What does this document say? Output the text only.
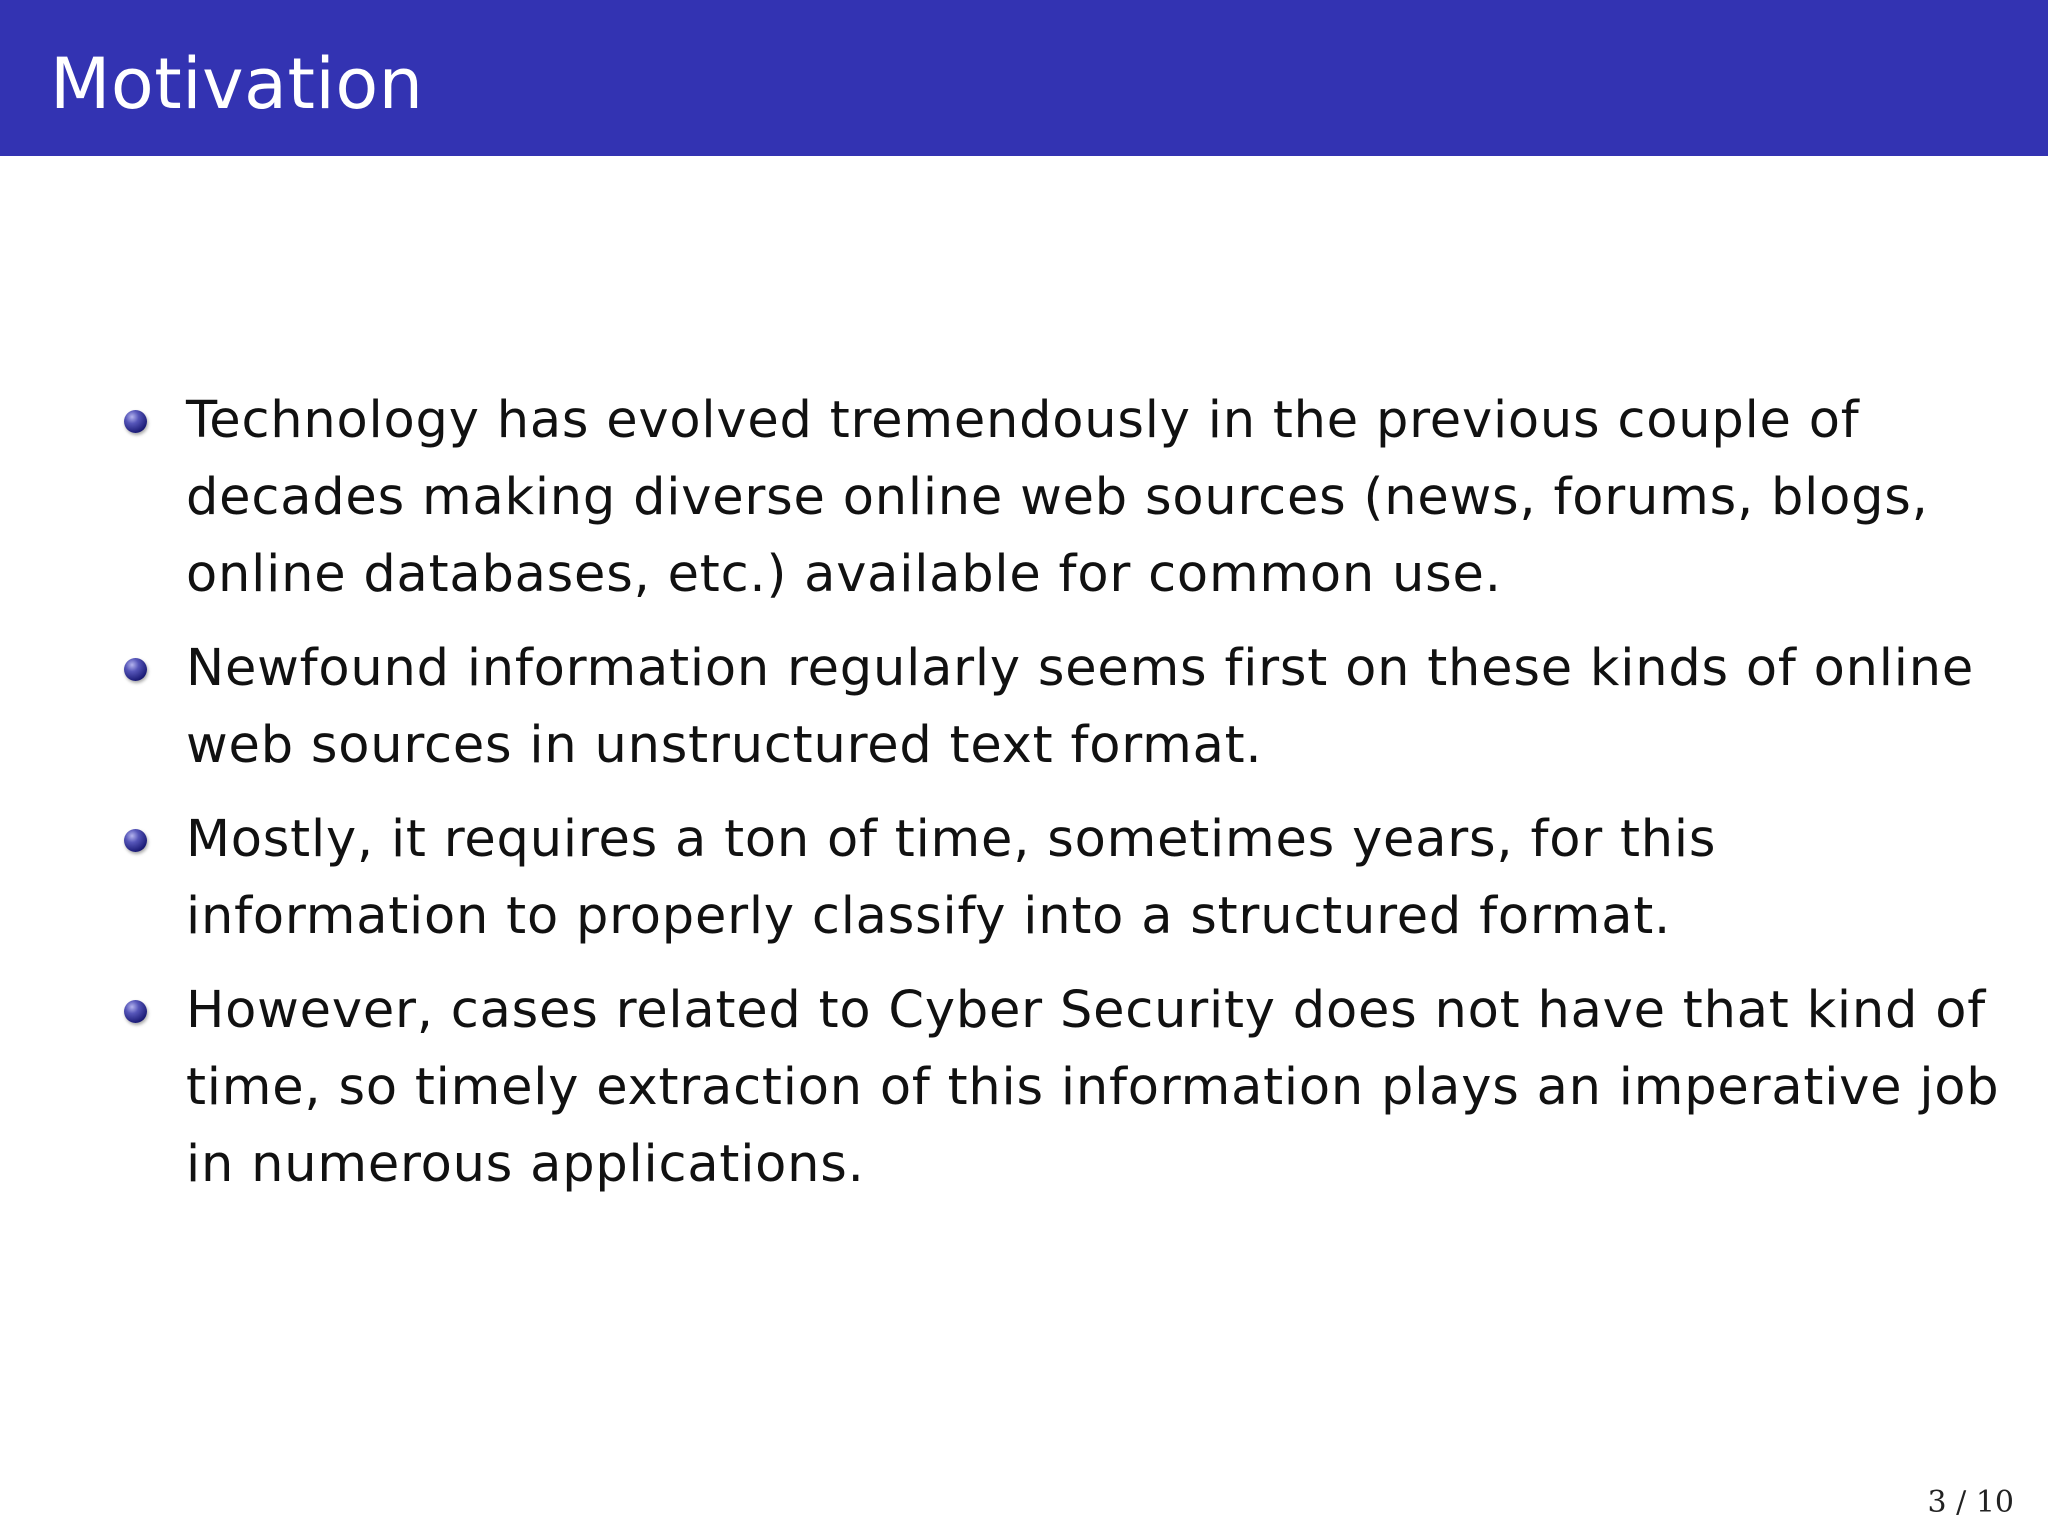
Motivation
Technology has evolved tremendously in the previous couple of decades making diverse online web sources (news, forums, blogs, online databases, etc.) available for common use.
Newfound information regularly seems first on these kinds of online web sources in unstructured text format.
Mostly, it requires a ton of time, sometimes years, for this information to properly classify into a structured format.
However, cases related to Cyber Security does not have that kind of time, so timely extraction of this information plays an imperative job in numerous applications.
3 / 10
